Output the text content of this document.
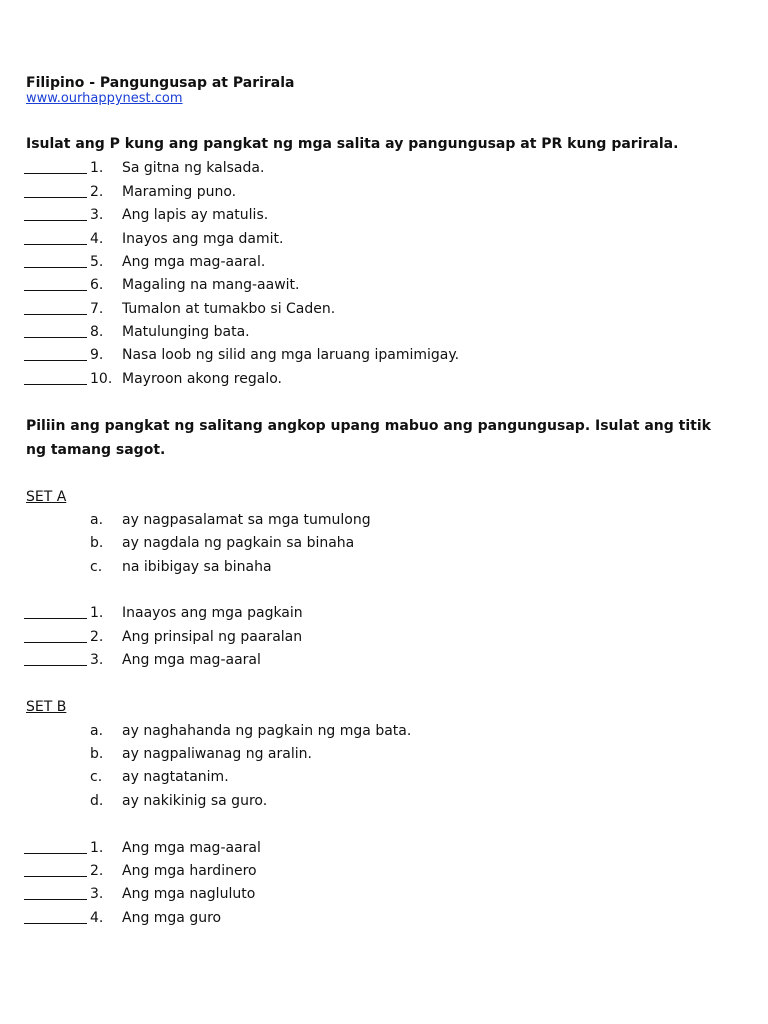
Filipino - Pangungusap at Parirala
www.ourhappynest.com
Isulat ang P kung ang pangkat ng mga salita ay pangungusap at PR kung parirala.
1.	Sa gitna ng kalsada.
2.	Maraming puno.
3.	Ang lapis ay matulis.
4.	Inayos ang mga damit.
5.	Ang mga mag-aaral.
6.	Magaling na mang-aawit.
7.	Tumalon at tumakbo si Caden.
8.	Matulunging bata.
9.	Nasa loob ng silid ang mga laruang ipamimigay.
10. Mayroon akong regalo.
Piliin ang pangkat ng salitang angkop upang mabuo ang pangungusap. Isulat ang titik
ng tamang sagot.
SET A
a.	ay nagpasalamat sa mga tumulong
b.	ay nagdala ng pagkain sa binaha
c.	na ibibigay sa binaha
1.	Inaayos ang mga pagkain
2.	Ang prinsipal ng paaralan
3.	Ang mga mag-aaral
SET B
a.	ay naghahanda ng pagkain ng mga bata.
b.	ay nagpaliwanag ng aralin.
c.	ay nagtatanim.
d.	ay nakikinig sa guro.
1.	Ang mga mag-aaral
2.	Ang mga hardinero
3.	Ang mga nagluluto
4.	Ang mga guro
